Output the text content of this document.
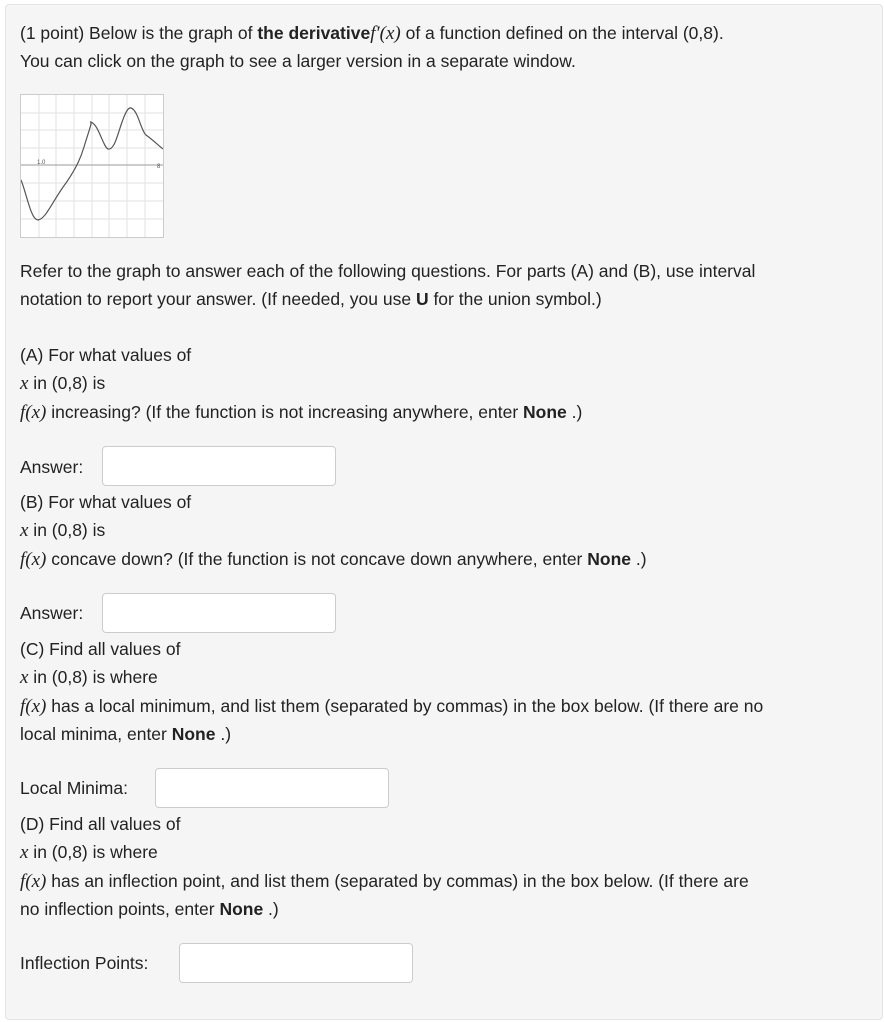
(1 point) Below is the graph of the derivativef′(x) of a function defined on the interval (0,8).
You can click on the graph to see a larger version in a separate window.
1.0
8
Refer to the graph to answer each of the following questions. For parts (A) and (B), use interval
notation to report your answer. (If needed, you use U for the union symbol.)
(A) For what values of
x in (0,8) is
f(x) increasing? (If the function is not increasing anywhere, enter None .)
Answer:
(B) For what values of
x in (0,8) is
f(x) concave down? (If the function is not concave down anywhere, enter None .)
Answer:
(C) Find all values of
x in (0,8) is where
f(x) has a local minimum, and list them (separated by commas) in the box below. (If there are no
local minima, enter None .)
Local Minima:
(D) Find all values of
x in (0,8) is where
f(x) has an inflection point, and list them (separated by commas) in the box below. (If there are
no inflection points, enter None .)
Inflection Points:
